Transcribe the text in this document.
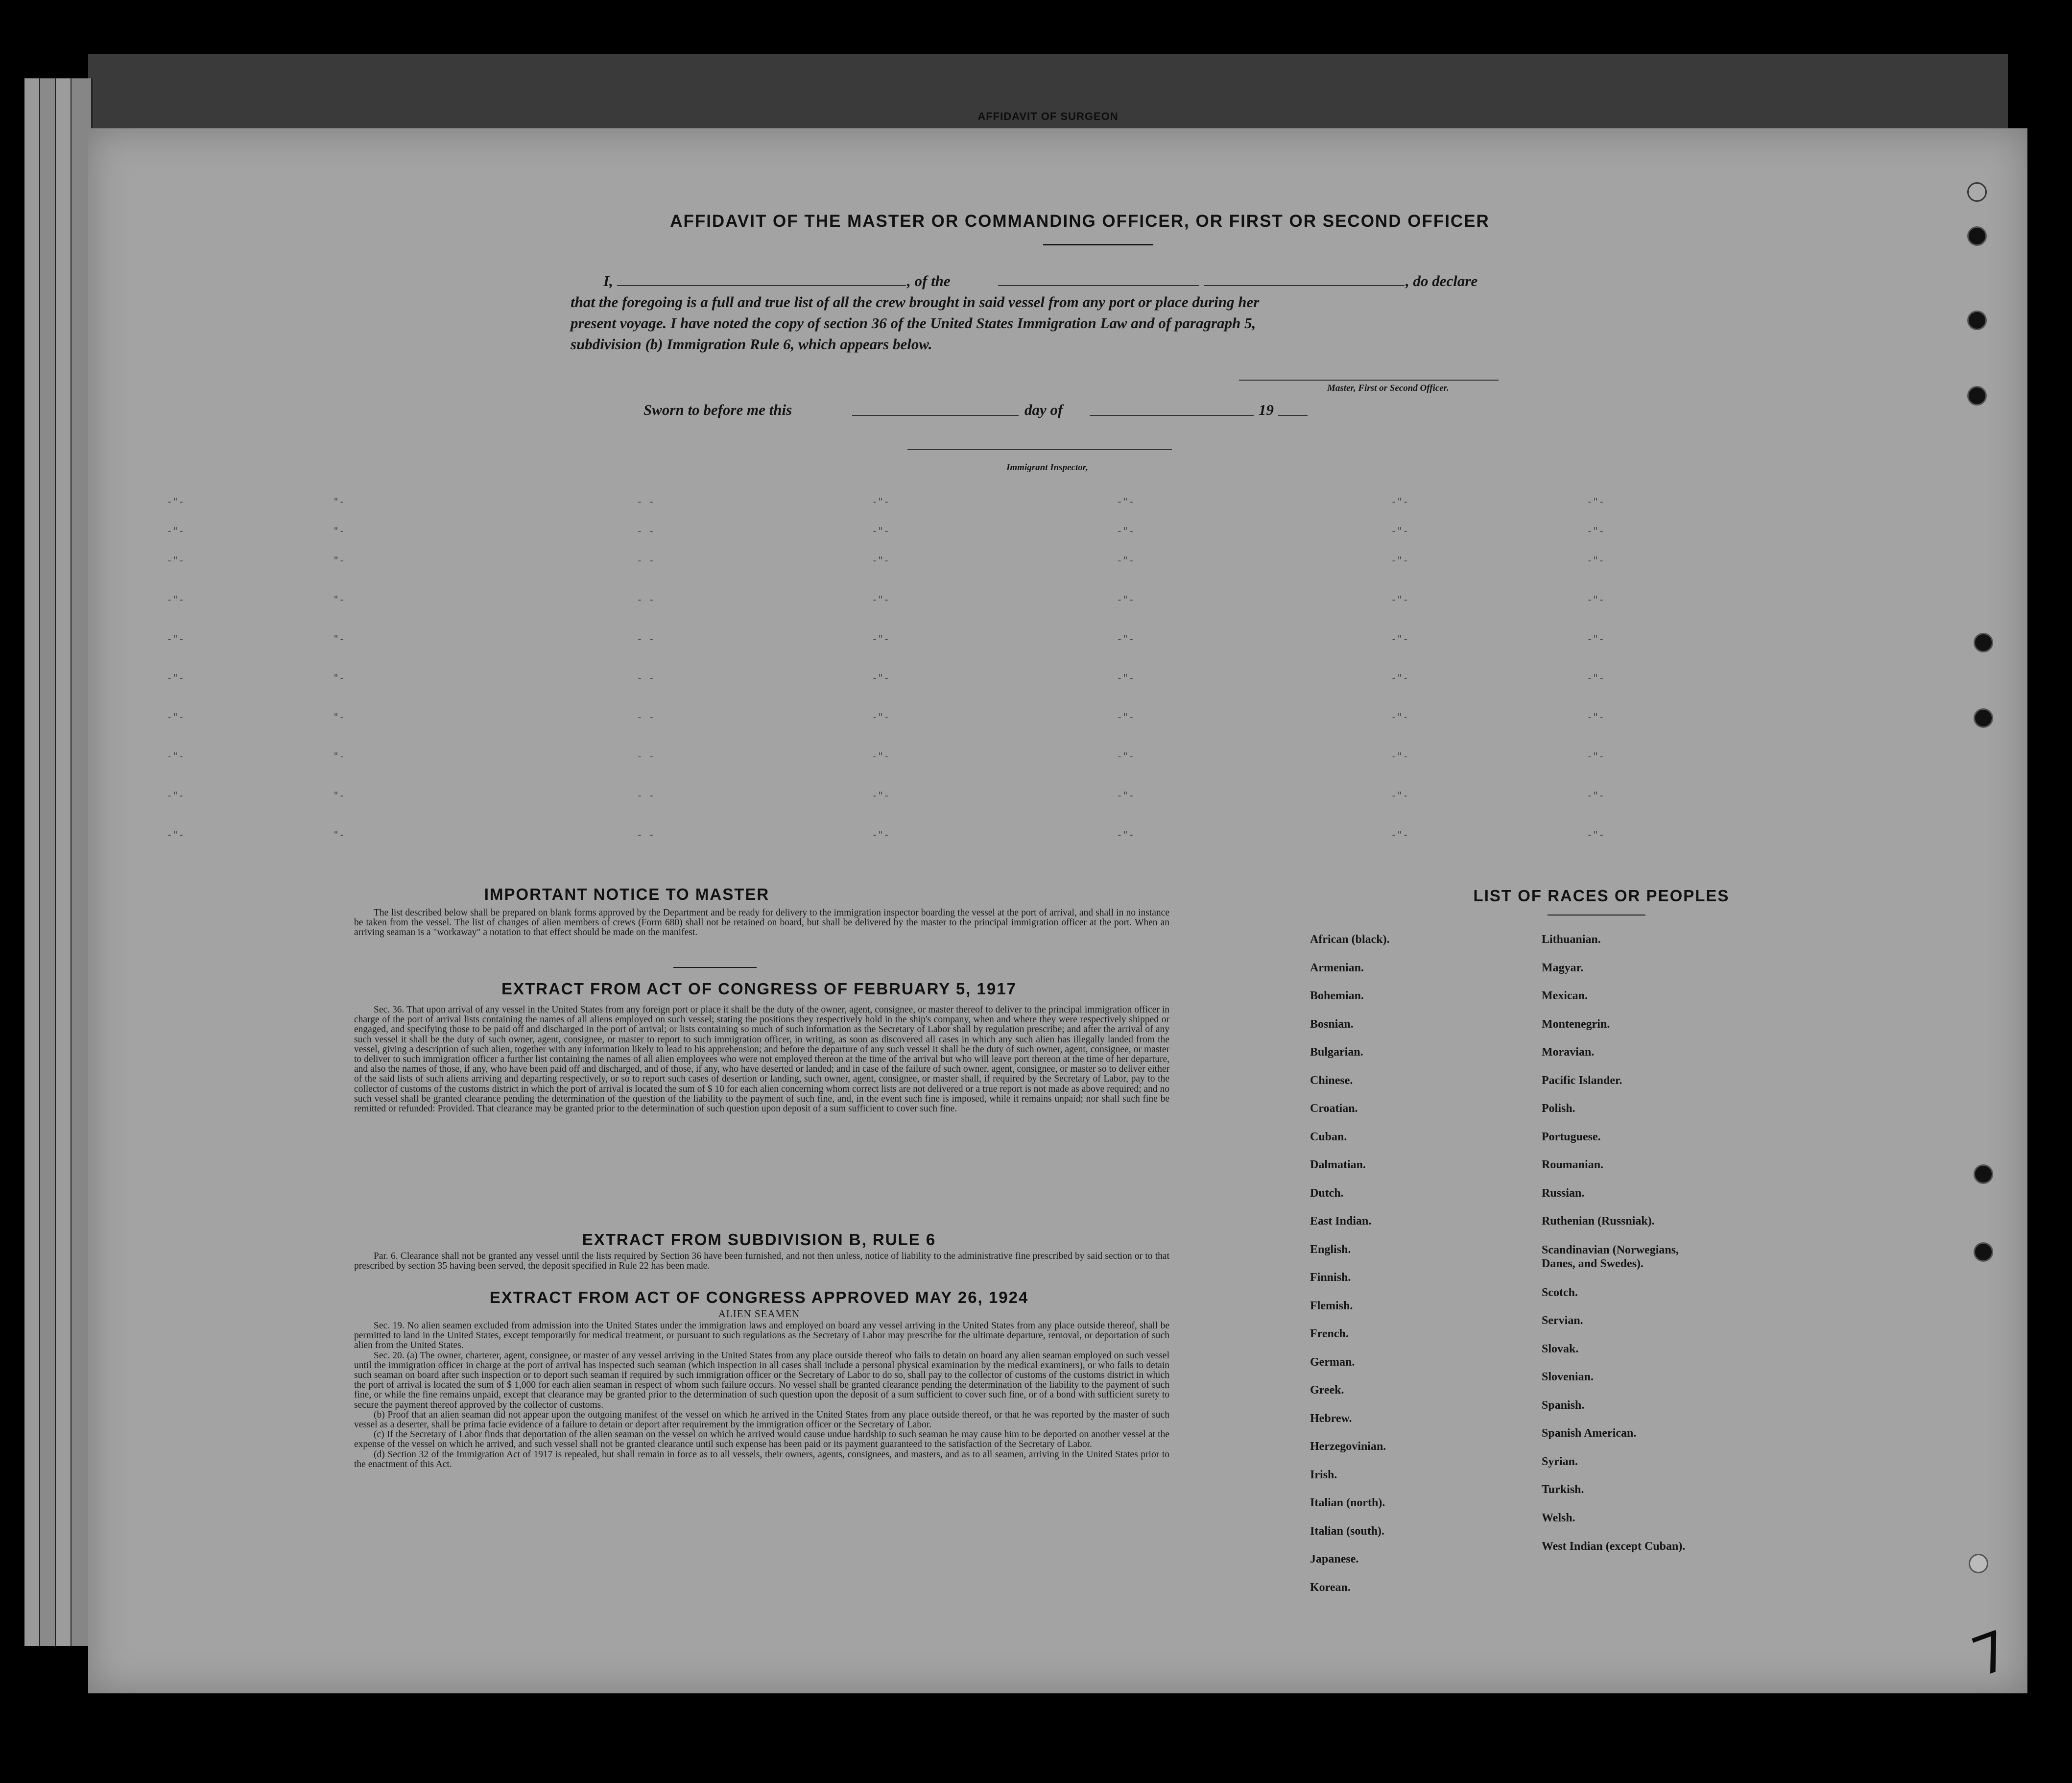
AFFIDAVIT OF SURGEON
AFFIDAVIT OF THE MASTER OR COMMANDING OFFICER, OR FIRST OR SECOND OFFICER
I,	, of the	, do declare
that the foregoing is a full and true list of all the crew brought in said vessel from any port or place during her
present voyage. I have noted the copy of section 36 of the United States Immigration Law and of paragraph 5,
subdivision (b) Immigration Rule 6, which appears below.
Master, First or Second Officer.
Sworn to before me this	day of	19
Immigrant Inspector,
-"-	"-	- -	-"-	-"-	-"-	-"-
-"-	"-	- -	-"-	-"-	-"-	-"-
-"-	"-	- -	-"-	-"-	-"-	-"-
-"-	"-	- -	-"-	-"-	-"-	-"-
-"-	"-	- -	-"-	-"-	-"-	-"-
-"-	"-	- -	-"-	-"-	-"-	-"-
-"-	"-	- -	-"-	-"-	-"-	-"-
-"-	"-	- -	-"-	-"-	-"-	-"-
-"-	"-	- -	-"-	-"-	-"-	-"-
-"-	"-	- -	-"-	-"-	-"-	-"-
IMPORTANT NOTICE TO MASTER

The list described below shall be prepared on blank forms approved by the Department and be ready for delivery to the immigration inspector boarding the vessel at the port of arrival, and shall in no instance be taken from the vessel. The list of changes of alien members of crews (Form 680) shall not be retained on board, but shall be delivered by the master to the principal immigration officer at the port. When an arriving seaman is a "workaway" a notation to that effect should be made on the manifest.

EXTRACT FROM ACT OF CONGRESS OF FEBRUARY 5, 1917

Sec. 36. That upon arrival of any vessel in the United States from any foreign port or place it shall be the duty of the owner, agent, consignee, or master thereof to deliver to the principal immigration officer in charge of the port of arrival lists containing the names of all aliens employed on such vessel; stating the positions they respectively hold in the ship's company, when and where they were respectively shipped or engaged, and specifying those to be paid off and discharged in the port of arrival; or lists containing so much of such information as the Secretary of Labor shall by regulation prescribe; and after the arrival of any such vessel it shall be the duty of such owner, agent, consignee, or master to report to such immigration officer, in writing, as soon as discovered all cases in which any such alien has illegally landed from the vessel, giving a description of such alien, together with any information likely to lead to his apprehension; and before the departure of any such vessel it shall be the duty of such owner, agent, consignee, or master to deliver to such immigration officer a further list containing the names of all alien employees who were not employed thereon at the time of the arrival but who will leave port thereon at the time of her departure, and also the names of those, if any, who have been paid off and discharged, and of those, if any, who have deserted or landed; and in case of the failure of such owner, agent, consignee, or master so to deliver either of the said lists of such aliens arriving and departing respectively, or so to report such cases of desertion or landing, such owner, agent, consignee, or master shall, if required by the Secretary of Labor, pay to the collector of customs of the customs district in which the port of arrival is located the sum of $ 10 for each alien concerning whom correct lists are not delivered or a true report is not made as above required; and no such vessel shall be granted clearance pending the determination of the question of the liability to the payment of such fine, and, in the event such fine is imposed, while it remains unpaid; nor shall such fine be remitted or refunded: Provided. That clearance may be granted prior to the determination of such question upon deposit of a sum sufficient to cover such fine.

EXTRACT FROM SUBDIVISION B, RULE 6

Par. 6. Clearance shall not be granted any vessel until the lists required by Section 36 have been furnished, and not then unless, notice of liability to the administrative fine prescribed by said section or to that prescribed by section 35 having been served, the deposit specified in Rule 22 has been made.

EXTRACT FROM ACT OF CONGRESS APPROVED MAY 26, 1924
ALIEN SEAMEN

Sec. 19. No alien seamen excluded from admission into the United States under the immigration laws and employed on board any vessel arriving in the United States from any place outside thereof, shall be permitted to land in the United States, except temporarily for medical treatment, or pursuant to such regulations as the Secretary of Labor may prescribe for the ultimate departure, removal, or deportation of such alien from the United States.

Sec. 20. (a) The owner, charterer, agent, consignee, or master of any vessel arriving in the United States from any place outside thereof who fails to detain on board any alien seaman employed on such vessel until the immigration officer in charge at the port of arrival has inspected such seaman (which inspection in all cases shall include a personal physical examination by the medical examiners), or who fails to detain such seaman on board after such inspection or to deport such seaman if required by such immigration officer or the Secretary of Labor to do so, shall pay to the collector of customs of the customs district in which the port of arrival is located the sum of $ 1,000 for each alien seaman in respect of whom such failure occurs. No vessel shall be granted clearance pending the determination of the liability to the payment of such fine, or while the fine remains unpaid, except that clearance may be granted prior to the determination of such question upon the deposit of a sum sufficient to cover such fine, or of a bond with sufficient surety to secure the payment thereof approved by the collector of customs.

(b) Proof that an alien seaman did not appear upon the outgoing manifest of the vessel on which he arrived in the United States from any place outside thereof, or that he was reported by the master of such vessel as a deserter, shall be prima facie evidence of a failure to detain or deport after requirement by the immigration officer or the Secretary of Labor.

(c) If the Secretary of Labor finds that deportation of the alien seaman on the vessel on which he arrived would cause undue hardship to such seaman he may cause him to be deported on another vessel at the expense of the vessel on which he arrived, and such vessel shall not be granted clearance until such expense has been paid or its payment guaranteed to the satisfaction of the Secretary of Labor.

(d) Section 32 of the Immigration Act of 1917 is repealed, but shall remain in force as to all vessels, their owners, agents, consignees, and masters, and as to all seamen, arriving in the United States prior to the enactment of this Act.

LIST OF RACES OR PEOPLES
African (black).
Armenian.
Bohemian.
Bosnian.
Bulgarian.
Chinese.
Croatian.
Cuban.
Dalmatian.
Dutch.
East Indian.
English.
Finnish.
Flemish.
French.
German.
Greek.
Hebrew.
Herzegovinian.
Irish.
Italian (north).
Italian (south).
Japanese.
Korean.
Lithuanian.
Magyar.
Mexican.
Montenegrin.
Moravian.
Pacific Islander.
Polish.
Portuguese.
Roumanian.
Russian.
Ruthenian (Russniak).
Scandinavian (Norwegians, Danes, and Swedes).
Scotch.
Servian.
Slovak.
Slovenian.
Spanish.
Spanish American.
Syrian.
Turkish.
Welsh.
West Indian (except Cuban).
7
